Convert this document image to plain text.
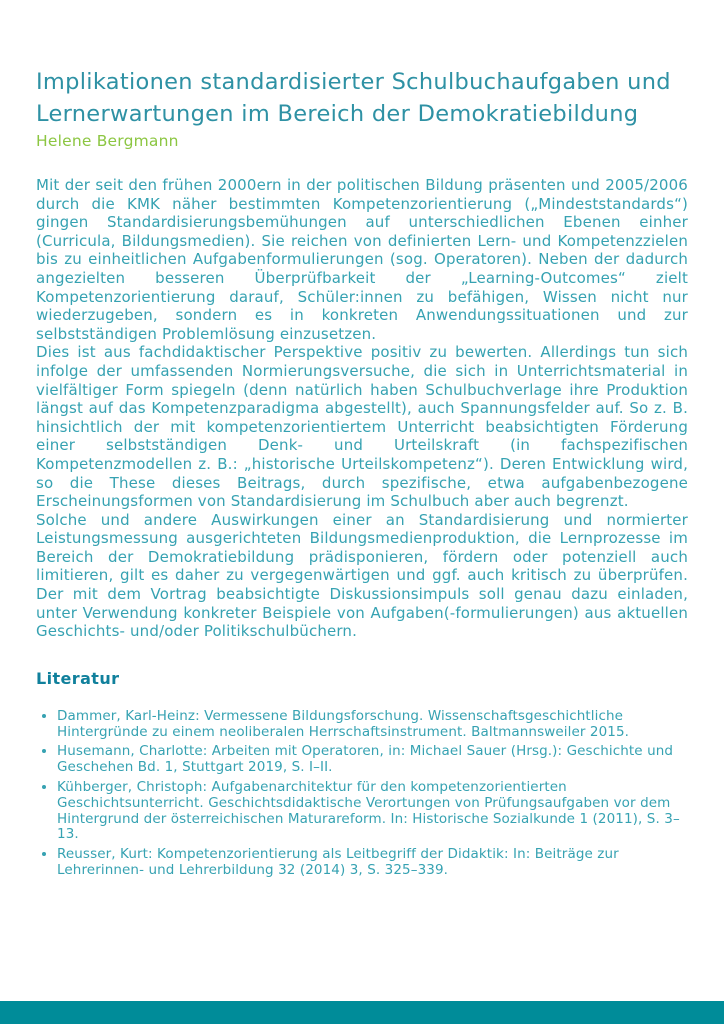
Implikationen standardisierter Schulbuchaufgaben und Lernerwartungen im Bereich der Demokratiebildung
Helene Bergmann

Mit der seit den frühen 2000ern in der politischen Bildung präsenten und 2005/2006 durch die KMK näher bestimmten Kompetenzorientierung („Mindeststandards“) gingen Standardisierungsbemühungen auf unterschiedlichen Ebenen einher (Curricula, Bildungsmedien). Sie reichen von definierten Lern- und Kompetenzzielen bis zu einheitlichen Aufgabenformulierungen (sog. Operatoren). Neben der dadurch angezielten besseren Überprüfbarkeit der „Learning-Outcomes“ zielt Kompetenzorientierung darauf, Schüler:innen zu befähigen, Wissen nicht nur wiederzugeben, sondern es in konkreten Anwendungssituationen und zur selbstständigen Problemlösung einzusetzen.

Dies ist aus fachdidaktischer Perspektive positiv zu bewerten. Allerdings tun sich infolge der umfassenden Normierungsversuche, die sich in Unterrichtsmaterial in vielfältiger Form spiegeln (denn natürlich haben Schulbuchverlage ihre Produktion längst auf das Kompetenzparadigma abgestellt), auch Spannungsfelder auf. So z. B. hinsichtlich der mit kompetenzorientiertem Unterricht beabsichtigten Förderung einer selbstständigen Denk- und Urteilskraft (in fachspezifischen Kompetenzmodellen z. B.: „historische Urteilskompetenz“). Deren Entwicklung wird, so die These dieses Beitrags, durch spezifische, etwa aufgabenbezogene Erscheinungsformen von Standardisierung im Schulbuch aber auch begrenzt.

Solche und andere Auswirkungen einer an Standardisierung und normierter Leistungsmessung ausgerichteten Bildungsmedienproduktion, die Lernprozesse im Bereich der Demokratiebildung prädisponieren, fördern oder potenziell auch limitieren, gilt es daher zu vergegenwärtigen und ggf. auch kritisch zu überprüfen. Der mit dem Vortrag beabsichtigte Diskussionsimpuls soll genau dazu einladen, unter Verwendung konkreter Beispiele von Aufgaben(-formulierungen) aus aktuellen Geschichts- und/oder Politikschulbüchern.

Literatur
• Dammer, Karl-Heinz: Vermessene Bildungsforschung. Wissenschaftsgeschichtliche Hintergründe zu einem neoliberalen Herrschaftsinstrument. Baltmannsweiler 2015.
• Husemann, Charlotte: Arbeiten mit Operatoren, in: Michael Sauer (Hrsg.): Geschichte und Geschehen Bd. 1, Stuttgart 2019, S. I–II.
• Kühberger, Christoph: Aufgabenarchitektur für den kompetenzorientierten Geschichtsunterricht. Geschichtsdidaktische Verortungen von Prüfungsaufgaben vor dem Hintergrund der österreichischen Maturareform. In: Historische Sozialkunde 1 (2011), S. 3–13.
• Reusser, Kurt: Kompetenzorientierung als Leitbegriff der Didaktik: In: Beiträge zur Lehrerinnen- und Lehrerbildung 32 (2014) 3, S. 325–339.
